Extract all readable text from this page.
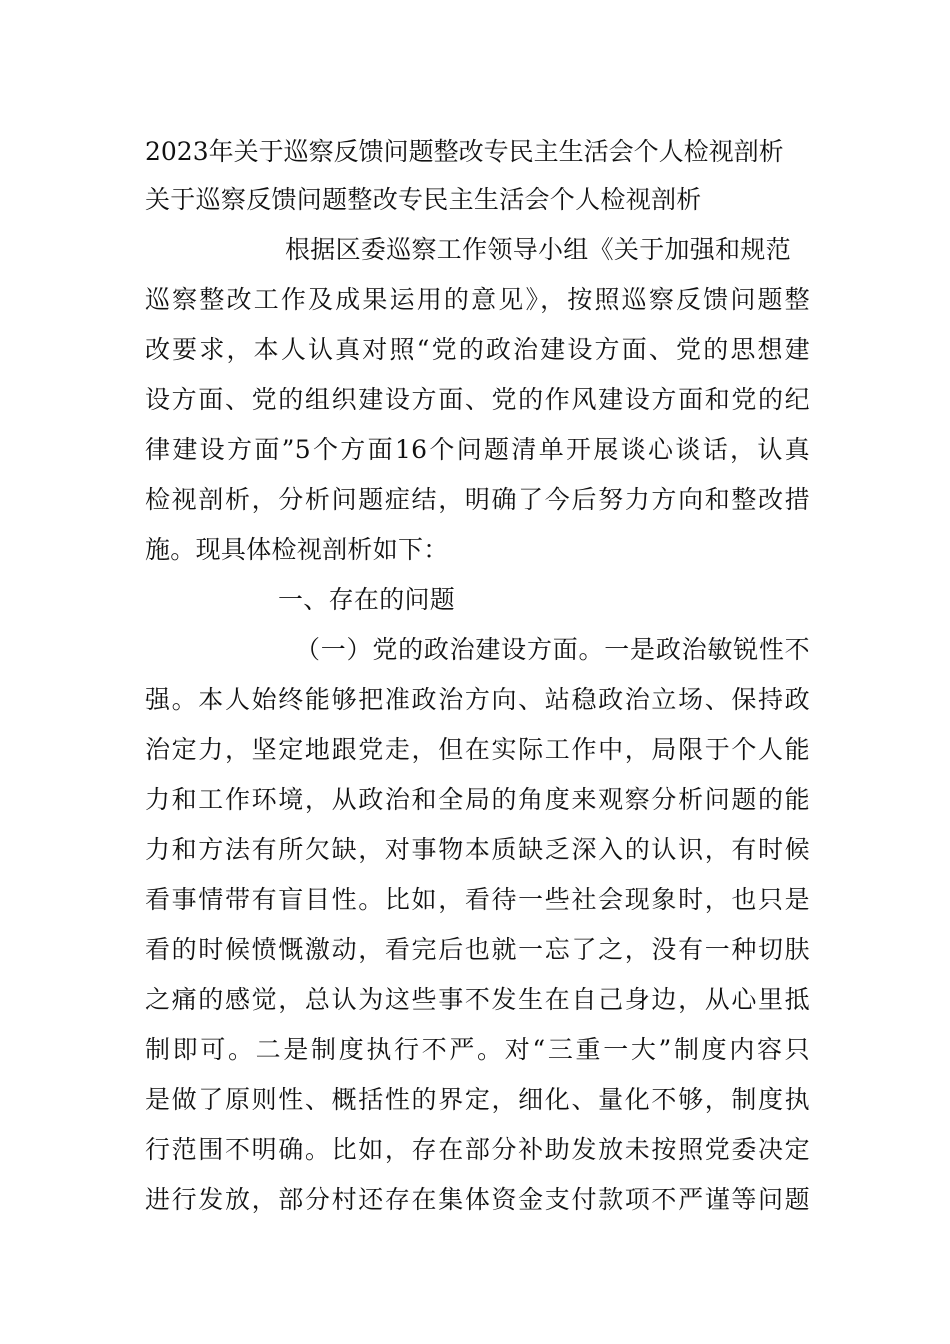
2023年关于巡察反馈问题整改专民主生活会个人检视剖析
关于巡察反馈问题整改专民主生活会个人检视剖析
根据区委巡察工作领导小组《关于加强和规范
巡察整改工作及成果运用的意见》，按照巡察反馈问题整
改要求，本人认真对照“党的政治建设方面、党的思想建
设方面、党的组织建设方面、党的作风建设方面和党的纪
律建设方面”5个方面16个问题清单开展谈心谈话，认真
检视剖析，分析问题症结，明确了今后努力方向和整改措
施。现具体检视剖析如下：
一、存在的问题
（一）党的政治建设方面。一是政治敏锐性不
强。本人始终能够把准政治方向、站稳政治立场、保持政
治定力，坚定地跟党走，但在实际工作中，局限于个人能
力和工作环境，从政治和全局的角度来观察分析问题的能
力和方法有所欠缺，对事物本质缺乏深入的认识，有时候
看事情带有盲目性。比如，看待一些社会现象时，也只是
看的时候愤慨激动，看完后也就一忘了之，没有一种切肤
之痛的感觉，总认为这些事不发生在自己身边，从心里抵
制即可。二是制度执行不严。对“三重一大”制度内容只
是做了原则性、概括性的界定，细化、量化不够，制度执
行范围不明确。比如，存在部分补助发放未按照党委决定
进行发放，部分村还存在集体资金支付款项不严谨等问题
